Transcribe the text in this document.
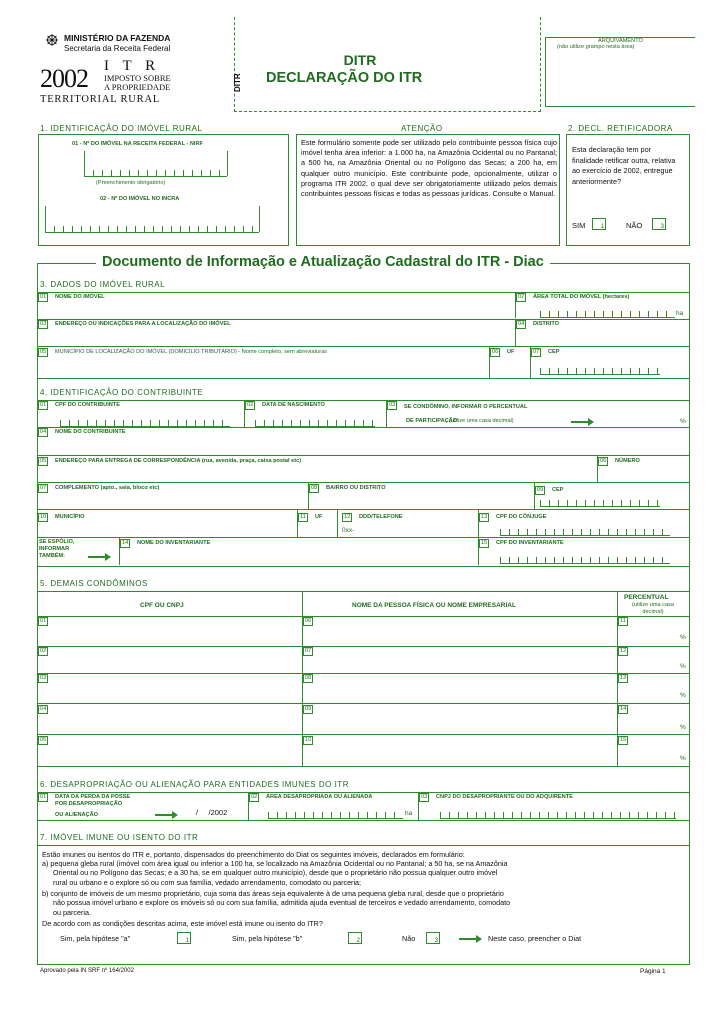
MINISTÉRIO DA FAZENDA
Secretaria da Receita Federal
2002 I T R
IMPOSTO SOBRE
A PROPRIEDADE
TERRITORIAL RURAL
DITR
DECLARAÇÃO DO ITR
DITR
ARQUIVAMENTO
(não utilize grampo nesta área)
1. IDENTIFICAÇÃO DO IMÓVEL RURAL
01 - Nº DO IMÓVEL NA RECEITA FEDERAL - NIRF
(Preenchimento obrigatório)
02 - Nº DO IMÓVEL NO INCRA
ATENÇÃO
Este formulário somente pode ser utilizado pelo contribuinte pessoa física cujo imóvel tenha área inferior: a 1.000 ha, na Amazônia Ocidental ou no Pantanal; a 500 ha, na Amazônia Oriental ou no Polígono das Secas; a 200 ha, em qualquer outro município. Este contribuinte pode, opcionalmente, utilizar o programa ITR 2002, o qual deve ser obrigatoriamente utilizado pelos demais contribuintes pessoas físicas e todas as pessoas jurídicas. Consulte o Manual.
2. DECL. RETIFICADORA
Esta declaração tem por finalidade retificar outra, relativa ao exercício de 2002, entregue anteriormente?
SIM	1	NÃO	3
Documento de Informação e Atualização Cadastral do ITR - Diac
3. DADOS DO IMÓVEL RURAL
01	NOME DO IMÓVEL	02	ÁREA TOTAL DO IMÓVEL (hectares)
ha
03	ENDEREÇO OU INDICAÇÕES PARA A LOCALIZAÇÃO DO IMÓVEL	04	DISTRITO
05	MUNICÍPIO DE LOCALIZAÇÃO DO IMÓVEL (DOMICÍLIO TRIBUTÁRIO) - Nome completo, sem abreviaturas	06	UF	07	CEP
4. IDENTIFICAÇÃO DO CONTRIBUINTE
01	CPF DO CONTRIBUINTE	02	DATA DE NASCIMENTO	03	SE CONDÔMINO, INFORMAR O PERCENTUAL
DE PARTICIPAÇÃO
(utilize uma casa decimal)	%
04	NOME DO CONTRIBUINTE
05	ENDEREÇO PARA ENTREGA DE CORRESPONDÊNCIA (rua, avenida, praça, caixa postal etc)	06	NÚMERO
07	COMPLEMENTO (apto., sala, bloco etc)	08	BAIRRO OU DISTRITO	09	CEP
10	MUNICÍPIO	11	UF	12	DDD/TELEFONE
0xx-
13	CPF DO CÔNJUGE
SE ESPÓLIO, INFORMAR TAMBÉM:
14	NOME DO INVENTARIANTE	15	CPF DO INVENTARIANTE
5. DEMAIS CONDÔMINOS
CPF OU CNPJ	NOME DA PESSOA FÍSICA OU NOME EMPRESARIAL
PERCENTUAL
(utilize uma casa decimal)
01	06	11
%
02	07	12
%
03	08	13
%
04	09	14
%
05	10	15
%
6. DESAPROPRIAÇÃO OU ALIENAÇÃO PARA ENTIDADES IMUNES DO ITR
01	DATA DA PERDA DA POSSE
POR DESAPROPRIAÇÃO
OU ALIENAÇÃO	/     /2002
02	ÁREA DESAPROPRIADA OU ALIENADA
ha
03	CNPJ DO DESAPROPRIANTE OU DO ADQUIRENTE
7. IMÓVEL IMUNE OU ISENTO DO ITR
Estão imunes ou isentos do ITR e, portanto, dispensados do preenchimento do Diat os seguintes imóveis, declarados em formulário:
a) pequena gleba rural (imóvel com área igual ou inferior a 100 ha, se localizado na Amazônia Ocidental ou no Pantanal; a 50 ha, se na Amazônia
Oriental ou no Polígono das Secas; e a 30 ha, se em qualquer outro município), desde que o proprietário não possua qualquer outro imóvel
rural ou urbano e o explore só ou com sua família, vedado arrendamento, comodato ou parceria;
b) conjunto de imóveis de um mesmo proprietário, cuja soma das áreas seja equivalente à de uma pequena gleba rural, desde que o proprietário
não possua imóvel urbano e explore os imóveis só ou com sua família, admitida ajuda eventual de terceiros e vedado arrendamento, comodato
ou parceria.
De acordo com as condições descritas acima, este imóvel está imune ou isento do ITR?
Sim, pela hipótese "a"	1	Sim, pela hipótese "b"	2	Não	3	Neste caso, preencher o Diat
Aprovado pela IN SRF nº 164/2002	Página 1
